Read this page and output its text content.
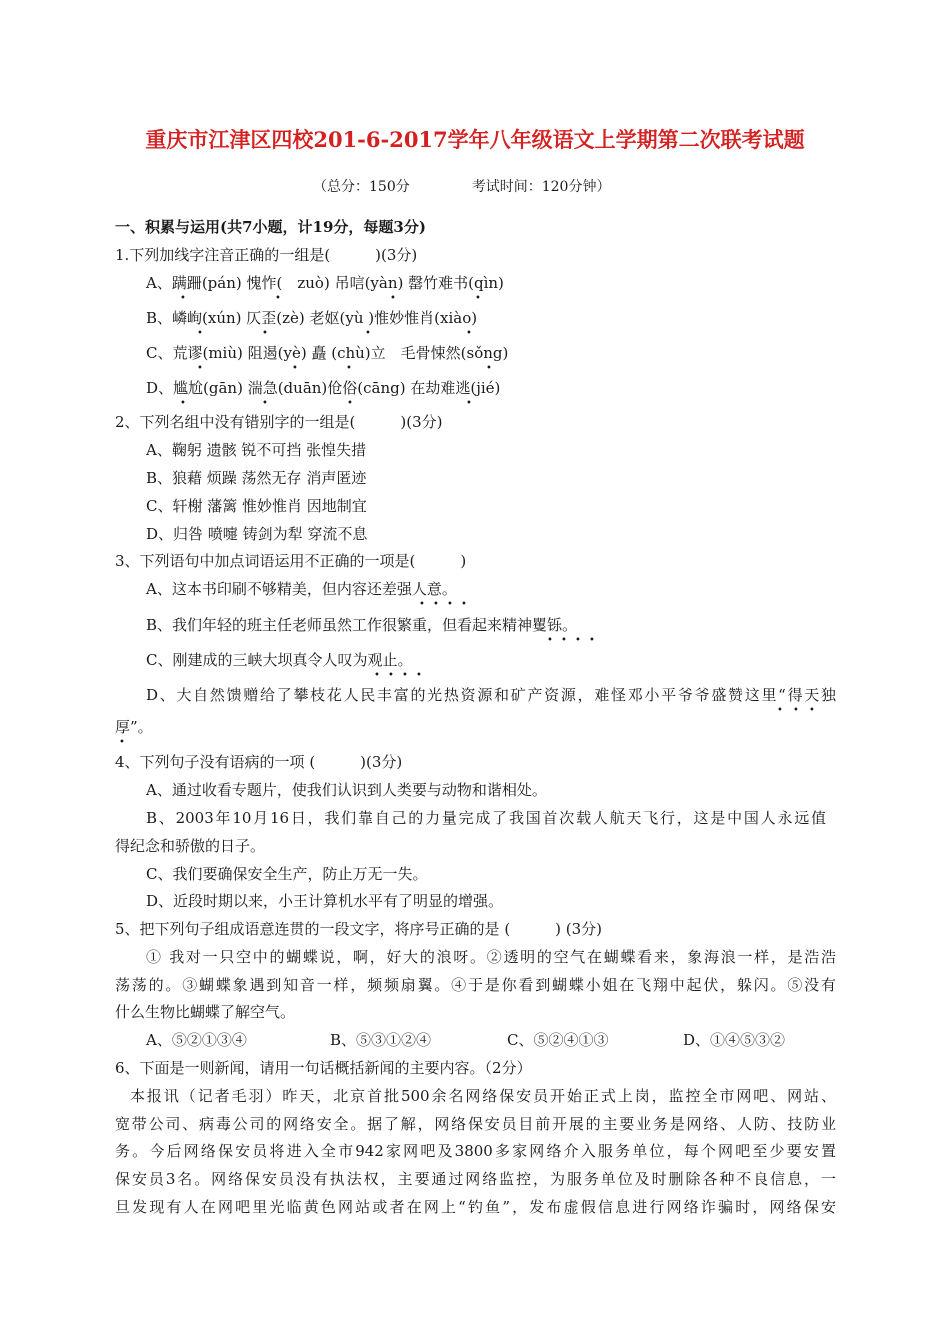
重庆市江津区四校201-6-2017学年八年级语文上学期第二次联考试题
（总分：150分	考试时间：120分钟）
一、积累与运用(共7小题，计19分，每题3分)
1.下列加线字注音正确的一组是(　　　)(3分)
A、蹒跚(pán) 愧怍(　zuò) 吊唁(yàn) 罄竹难书(qìn)
B、嶙峋(xún) 仄歪(zè) 老妪(yù )惟妙惟肖(xiào)
C、荒谬(miù) 阻遏(yè) 矗 (chù)立　毛骨悚然(sǒng)
D、尴尬(gān) 湍急(duān)伧俗(cāng) 在劫难逃(jié)
•	•	•	•
•	•	•	•
•	•	•	•
•	•	•	•
2、下列名组中没有错别字的一组是(　　　)(3分)
A、鞠躬 遗骸 锐不可挡 张惶失措
B、狼藉 烦躁 荡然无存 消声匿迹
C、轩榭 藩篱 惟妙惟肖 因地制宜
D、归咎 喷嚏 铸剑为犁 穿流不息
3、下列语句中加点词语运用不正确的一项是(　　　)
A、这本书印刷不够精美，但内容还差强人意。
B、我们年轻的班主任老师虽然工作很繁重，但看起来精神矍铄。
C、刚建成的三峡大坝真令人叹为观止。
D、大自然馈赠给了攀枝花人民丰富的光热资源和矿产资源，难怪邓小平爷爷盛赞这里“得天独
厚”。
• • • •
• • • •
• • • •
• • •
•
4、下列句子没有语病的一项 (　　　)(3分)
A、通过收看专题片，使我们认识到人类要与动物和谐相处。
B、2003年10月16日，我们靠自己的力量完成了我国首次载人航天飞行，这是中国人永远值
得纪念和骄傲的日子。
C、我们要确保安全生产，防止万无一失。
D、近段时期以来，小王计算机水平有了明显的增强。
5、把下列句子组成语意连贯的一段文字，将序号正确的是 (　　　) (3分)
① 我对一只空中的蝴蝶说，啊，好大的浪呀。②透明的空气在蝴蝶看来，象海浪一样，是浩浩
荡荡的。③蝴蝶象遇到知音一样，频频扇翼。④于是你看到蝴蝶小姐在飞翔中起伏，躲闪。⑤没有
什么生物比蝴蝶了解空气。
A、⑤②①③④	B、⑤③①②④	C、⑤②④①③	D、①④⑤③②
6、下面是一则新闻，请用一句话概括新闻的主要内容。（2分）
本报讯（记者毛羽）昨天，北京首批500余名网络保安员开始正式上岗，监控全市网吧、网站、
宽带公司、病毒公司的网络安全。据了解，网络保安员目前开展的主要业务是网络、人防、技防业
务。今后网络保安员将进入全市942家网吧及3800多家网络介入服务单位，每个网吧至少要安置
保安员3名。网络保安员没有执法权，主要通过网络监控，为服务单位及时删除各种不良信息，一
旦发现有人在网吧里光临黄色网站或者在网上“钓鱼”，发布虚假信息进行网络诈骗时，网络保安
